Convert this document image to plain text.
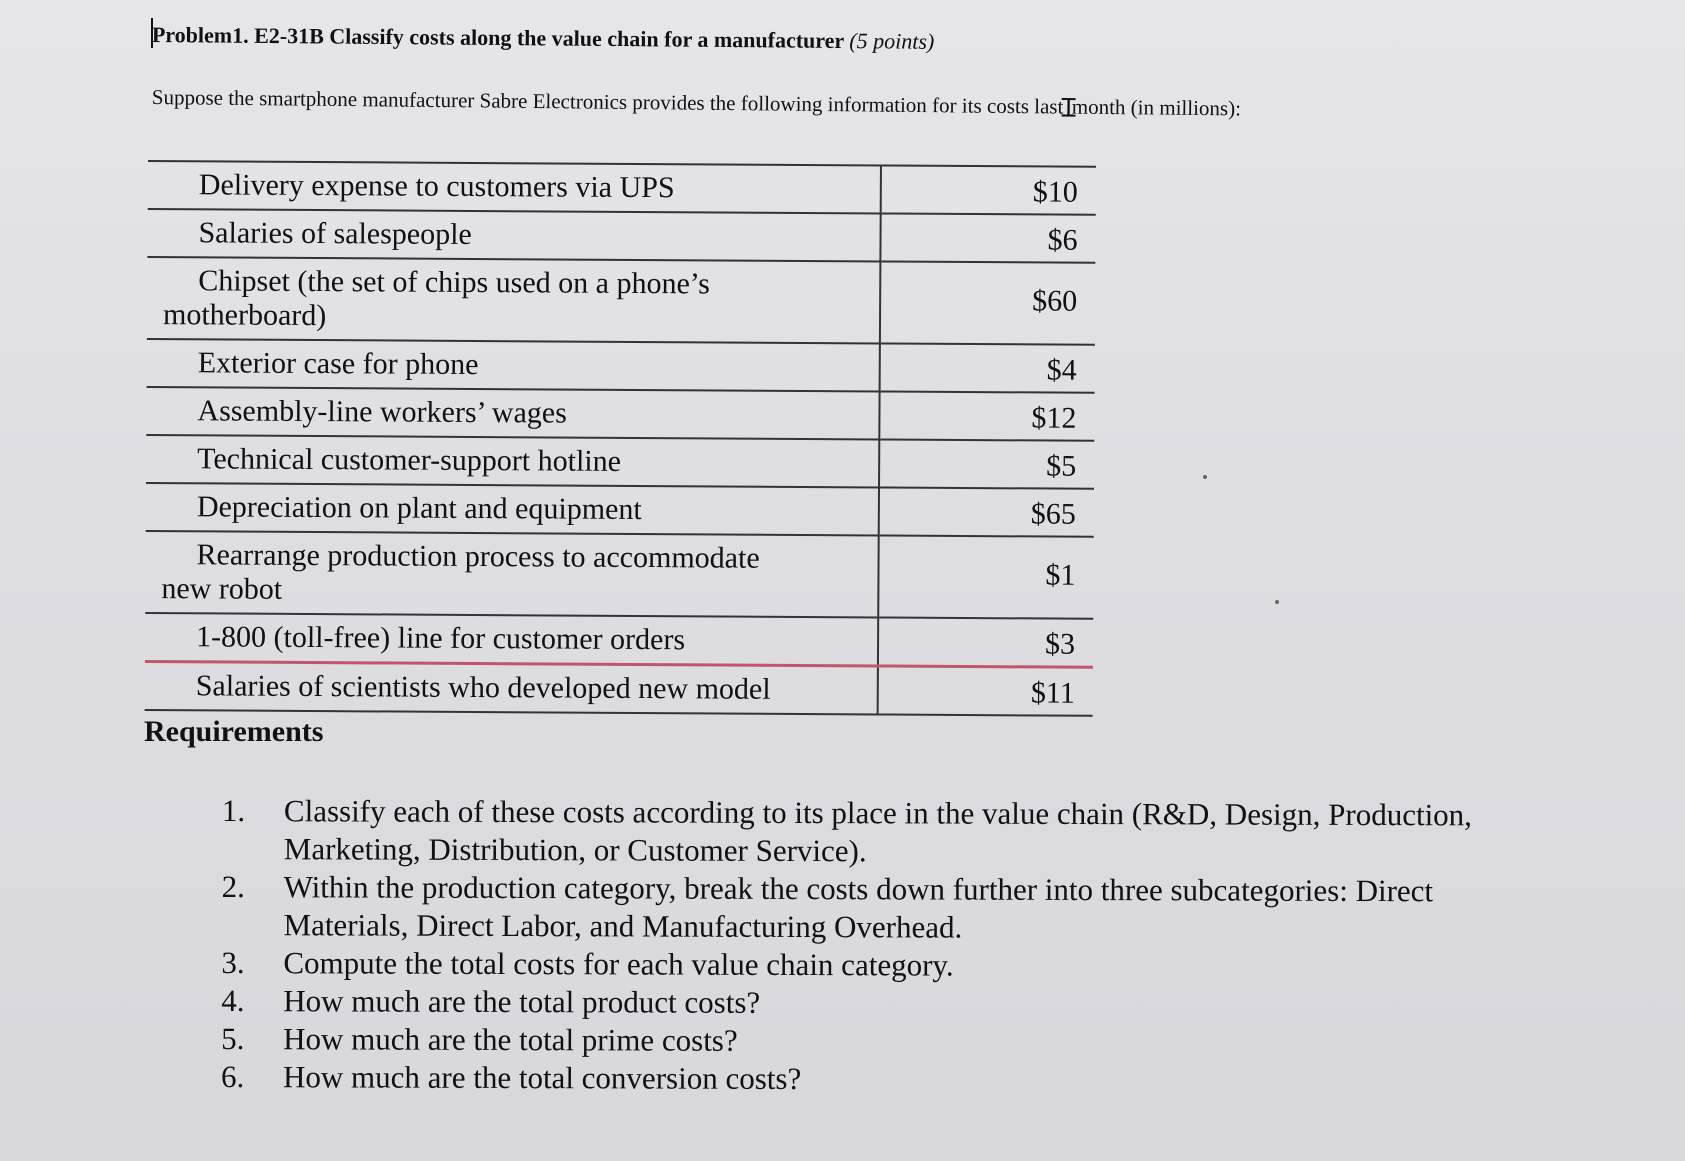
Problem1. E2-31B Classify costs along the value chain for a manufacturer (5 points)
Suppose the smartphone manufacturer Sabre Electronics provides the following information for its costs lastꞮmonth (in millions):
Delivery expense to customers via UPS	$10

Salaries of salespeople	$6

Chipset (the set of chips used on a phone’s
motherboard)	$60

Exterior case for phone	$4

Assembly-line workers’ wages	$12

Technical customer-support hotline	$5

Depreciation on plant and equipment	$65

Rearrange production process to accommodate
new robot	$1

1-800 (toll-free) line for customer orders	$3

Salaries of scientists who developed new model	$11
Requirements
1.	Classify each of these costs according to its place in the value chain (R&D, Design, Production, Marketing, Distribution, or Customer Service).
2.	Within the production category, break the costs down further into three subcategories: Direct Materials, Direct Labor, and Manufacturing Overhead.
3.	Compute the total costs for each value chain category.
4.	How much are the total product costs?
5.	How much are the total prime costs?
6.	How much are the total conversion costs?
